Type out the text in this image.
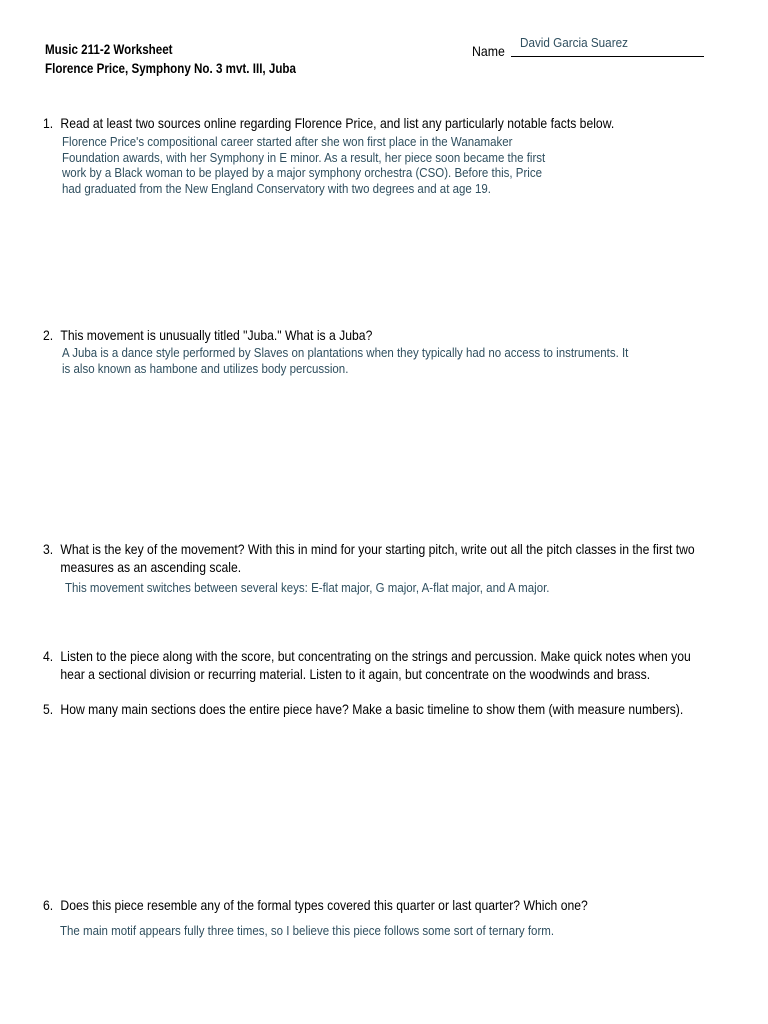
Music 211-2 Worksheet
Florence Price, Symphony No. 3 mvt. III, Juba
Name
David Garcia Suarez
1. Read at least two sources online regarding Florence Price, and list any particularly notable facts below.
Florence Price's compositional career started after she won first place in the Wanamaker
Foundation awards, with her Symphony in E minor. As a result, her piece soon became the first
work by a Black woman to be played by a major symphony orchestra (CSO). Before this, Price
had graduated from the New England Conservatory with two degrees and at age 19.
2. This movement is unusually titled "Juba." What is a Juba?
A Juba is a dance style performed by Slaves on plantations when they typically had no access to instruments. It
is also known as hambone and utilizes body percussion.
3. What is the key of the movement? With this in mind for your starting pitch, write out all the pitch classes in the first two
measures as an ascending scale.
This movement switches between several keys: E-flat major, G major, A-flat major, and A major.
4. Listen to the piece along with the score, but concentrating on the strings and percussion. Make quick notes when you
hear a sectional division or recurring material. Listen to it again, but concentrate on the woodwinds and brass.
5. How many main sections does the entire piece have? Make a basic timeline to show them (with measure numbers).
6. Does this piece resemble any of the formal types covered this quarter or last quarter? Which one?
The main motif appears fully three times, so I believe this piece follows some sort of ternary form.
